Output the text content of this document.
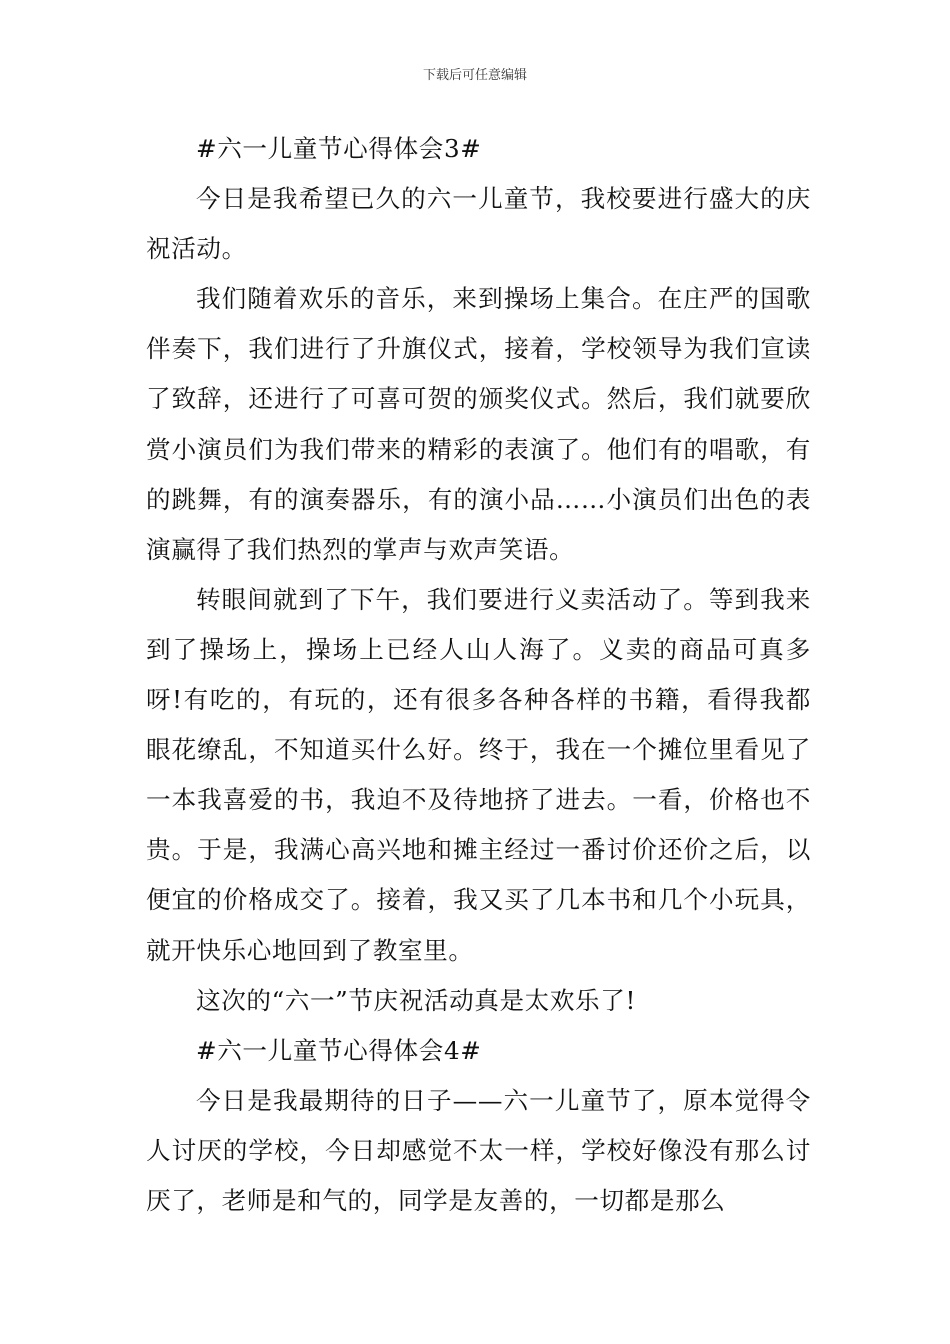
下载后可任意编辑

#六一儿童节心得体会3#

今日是我希望已久的六一儿童节，我校要进行盛大的庆祝活动。

我们随着欢乐的音乐，来到操场上集合。在庄严的国歌伴奏下，我们进行了升旗仪式，接着，学校领导为我们宣读了致辞，还进行了可喜可贺的颁奖仪式。然后，我们就要欣赏小演员们为我们带来的精彩的表演了。他们有的唱歌，有的跳舞，有的演奏器乐，有的演小品……小演员们出色的表演赢得了我们热烈的掌声与欢声笑语。

转眼间就到了下午，我们要进行义卖活动了。等到我来到了操场上，操场上已经人山人海了。义卖的商品可真多呀!有吃的，有玩的，还有很多各种各样的书籍，看得我都眼花缭乱，不知道买什么好。终于，我在一个摊位里看见了一本我喜爱的书，我迫不及待地挤了进去。一看，价格也不贵。于是，我满心高兴地和摊主经过一番讨价还价之后，以便宜的价格成交了。接着，我又买了几本书和几个小玩具，就开快乐心地回到了教室里。

这次的“六一”节庆祝活动真是太欢乐了!

#六一儿童节心得体会4#

今日是我最期待的日子——六一儿童节了，原本觉得令人讨厌的学校，今日却感觉不太一样，学校好像没有那么讨厌了，老师是和气的，同学是友善的，一切都是那么
